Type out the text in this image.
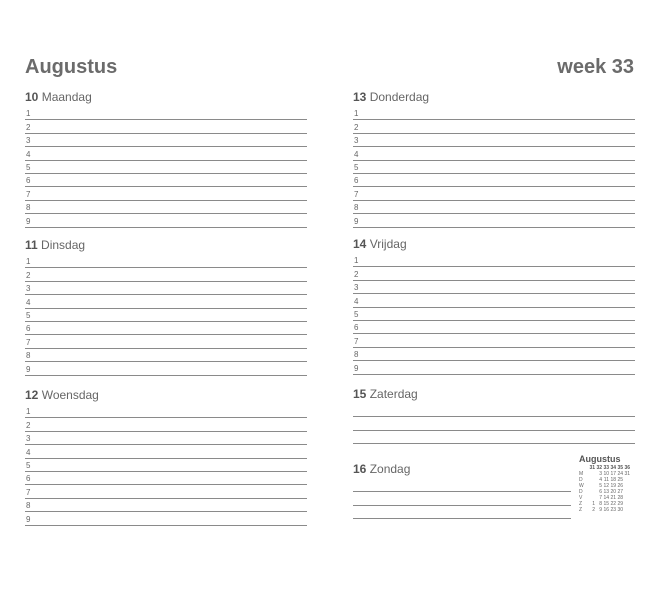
Augustus	week 33
10 Maandag
1
2
3
4
5
6
7
8
9
11 Dinsdag
1
2
3
4
5
6
7
8
9
12 Woensdag
1
2
3
4
5
6
7
8
9
13 Donderdag
1
2
3
4
5
6
7
8
9
14 Vrijdag
1
2
3
4
5
6
7
8
9
15 Zaterdag
16 Zondag
Augustus
	31	32	33	34	35	36
M		3	10	17	24	31
D		4	11	18	25	
W		5	12	19	26	
D		6	13	20	27	
V		7	14	21	28	
Z	1	8	15	22	29	
Z	2	9	16	23	30	
